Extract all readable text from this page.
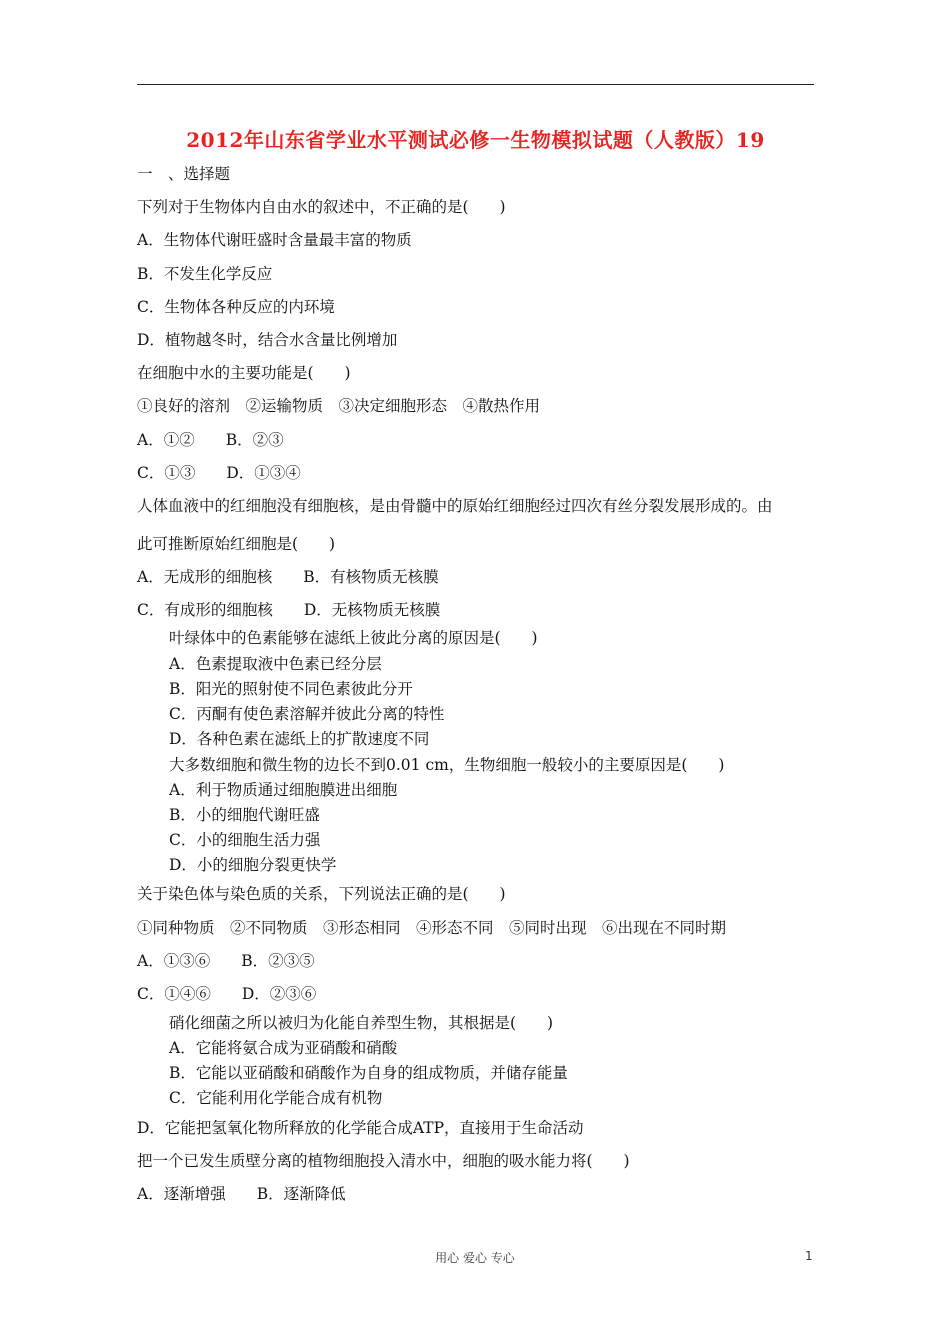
2012年山东省学业水平测试必修一生物模拟试题（人教版）19
一　、选择题
下列对于生物体内自由水的叙述中，不正确的是(　　)
A．生物体代谢旺盛时含量最丰富的物质
B．不发生化学反应
C．生物体各种反应的内环境
D．植物越冬时，结合水含量比例增加
在细胞中水的主要功能是(　　)
①良好的溶剂　②运输物质　③决定细胞形态　④散热作用
A．①②　　B．②③
C．①③　　D．①③④
人体血液中的红细胞没有细胞核，是由骨髓中的原始红细胞经过四次有丝分裂发展形成的。由
此可推断原始红细胞是(　　)
A．无成形的细胞核　　B．有核物质无核膜
C．有成形的细胞核　　D．无核物质无核膜
叶绿体中的色素能够在滤纸上彼此分离的原因是(　　)
A．色素提取液中色素已经分层
B．阳光的照射使不同色素彼此分开
C．丙酮有使色素溶解并彼此分离的特性
D．各种色素在滤纸上的扩散速度不同
大多数细胞和微生物的边长不到0.01 cm，生物细胞一般较小的主要原因是(　　)
A．利于物质通过细胞膜进出细胞
B．小的细胞代谢旺盛
C．小的细胞生活力强
D．小的细胞分裂更快学
关于染色体与染色质的关系，下列说法正确的是(　　)
①同种物质　②不同物质　③形态相同　④形态不同　⑤同时出现　⑥出现在不同时期
A．①③⑥　　B．②③⑤
C．①④⑥　　D．②③⑥
硝化细菌之所以被归为化能自养型生物，其根据是(　　)
A．它能将氨合成为亚硝酸和硝酸
B．它能以亚硝酸和硝酸作为自身的组成物质，并储存能量
C．它能利用化学能合成有机物
D．它能把氢氧化物所释放的化学能合成ATP，直接用于生命活动
把一个已发生质壁分离的植物细胞投入清水中，细胞的吸水能力将(　　)
A．逐渐增强　　B．逐渐降低
用心 爱心 专心	1
